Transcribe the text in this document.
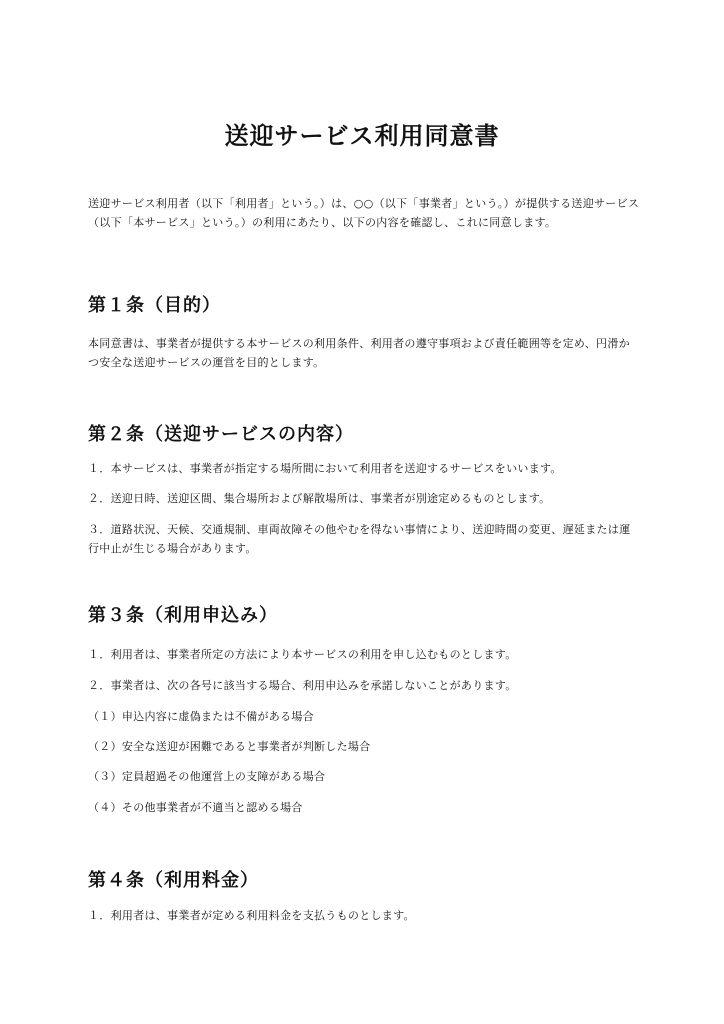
送迎サービス利用同意書

送迎サービス利用者（以下「利用者」という。）は、○○（以下「事業者」という。）が提供する送迎サービス（以下「本サービス」という。）の利用にあたり、以下の内容を確認し、これに同意します。

第１条（目的）

本同意書は、事業者が提供する本サービスの利用条件、利用者の遵守事項および責任範囲等を定め、円滑かつ安全な送迎サービスの運営を目的とします。

第２条（送迎サービスの内容）

１．本サービスは、事業者が指定する場所間において利用者を送迎するサービスをいいます。

２．送迎日時、送迎区間、集合場所および解散場所は、事業者が別途定めるものとします。

３．道路状況、天候、交通規制、車両故障その他やむを得ない事情により、送迎時間の変更、遅延または運行中止が生じる場合があります。

第３条（利用申込み）

１．利用者は、事業者所定の方法により本サービスの利用を申し込むものとします。

２．事業者は、次の各号に該当する場合、利用申込みを承諾しないことがあります。

（１）申込内容に虚偽または不備がある場合

（２）安全な送迎が困難であると事業者が判断した場合

（３）定員超過その他運営上の支障がある場合

（４）その他事業者が不適当と認める場合

第４条（利用料金）

１．利用者は、事業者が定める利用料金を支払うものとします。
